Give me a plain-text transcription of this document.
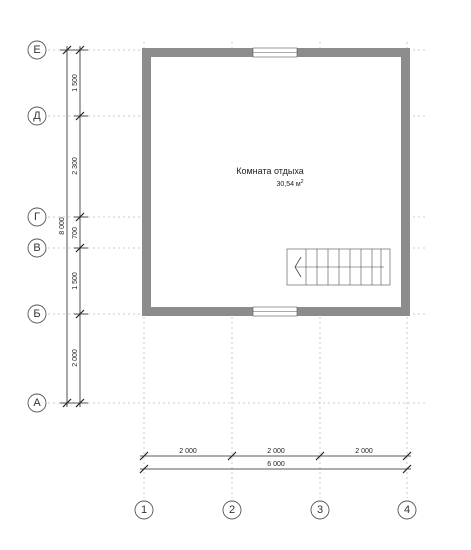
Комната отдыха
30,54 $м^2$
1 500
2 300
700
1 500
2 000
8 000
2 000	2 000	2 000
6 000
Е
Д
Г
В
Б
А
1	2	3	4
